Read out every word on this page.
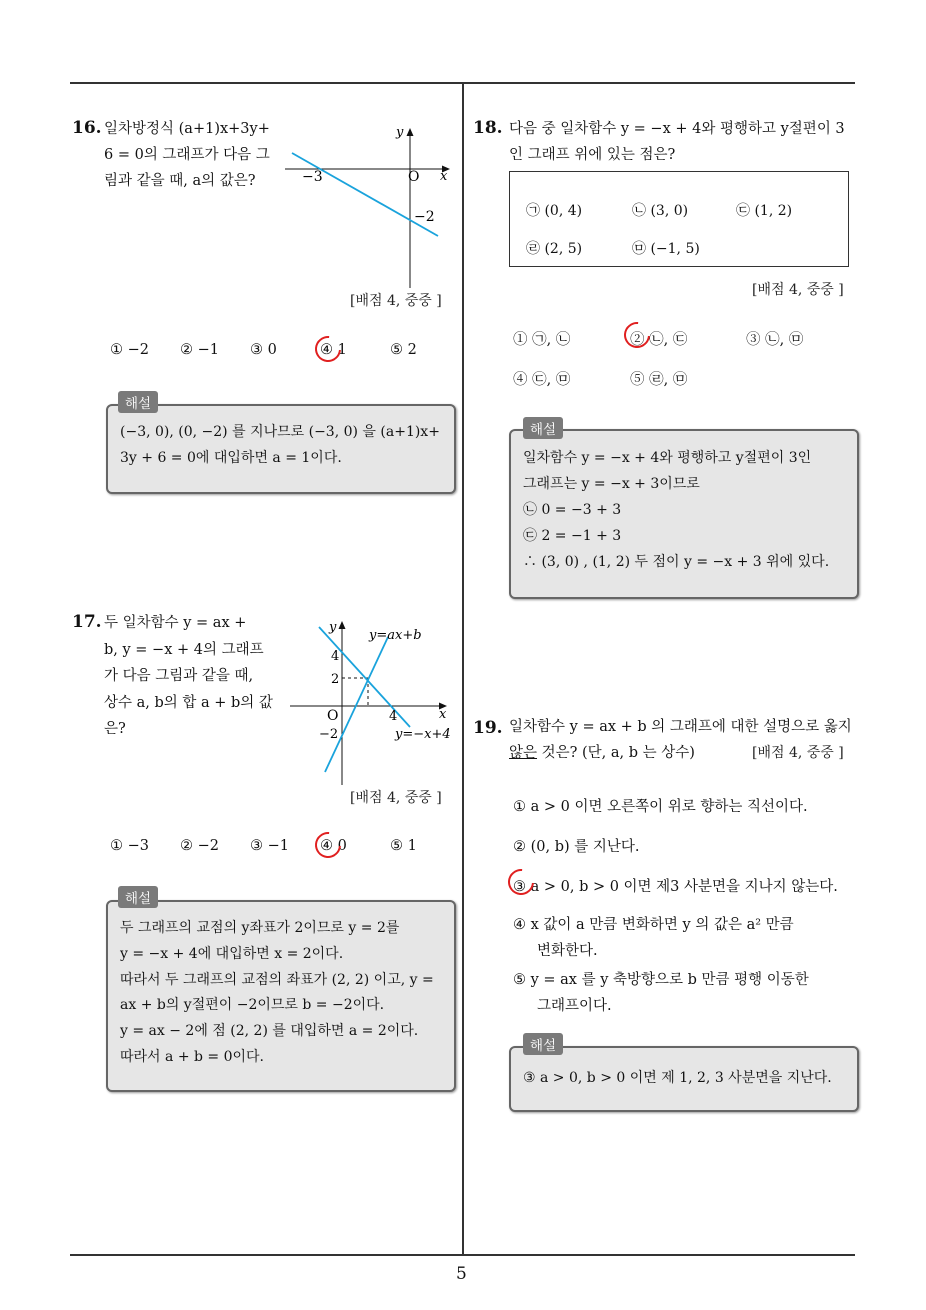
5
16. 일차방정식 (a+1)x+3y+
6 = 0의 그래프가 다음 그
림과 같을 때, a의 값은?
y
x
O
−3
−2
[배점 4, 중중 ]
① −2 ② −1 ③ 0	④ 1	⑤ 2
(−3, 0), (0, −2) 를 지나므로 (−3, 0) 을 (a+1)x+
3y + 6 = 0에 대입하면 a = 1이다.
해설
17. 두 일차함수 y = ax +
b, y = −x + 4의 그래프
가 다음 그림과 같을 때,
상수 a, b의 합 a + b의 값
은?
y
x
O
y=ax+b
y=−x+4
4
2
4
−2
[배점 4, 중중 ]
① −3 ② −2 ③ −1 ④ 0	⑤ 1
두 그래프의 교점의 y좌표가 2이므로 y = 2를
y = −x + 4에 대입하면 x = 2이다.
따라서 두 그래프의 교점의 좌표가 (2, 2) 이고, y =
ax + b의 y절편이 −2이므로 b = −2이다.
y = ax − 2에 점 (2, 2) 를 대입하면 a = 2이다.
따라서 a + b = 0이다.
해설
18. 다음 중 일차함수 y = −x + 4와 평행하고 y절편이 3
인 그래프 위에 있는 점은?
㉠ (0, 4)	㉡ (3, 0)	㉢ (1, 2)
㉣ (2, 5)	㉤ (−1, 5)
[배점 4, 중중 ]
① ㉠, ㉡	② ㉡, ㉢	③ ㉡, ㉤
④ ㉢, ㉤	⑤ ㉣, ㉤
일차함수 y = −x + 4와 평행하고 y절편이 3인
그래프는 y = −x + 3이므로
㉡ 0 = −3 + 3
㉢ 2 = −1 + 3
∴ (3, 0) , (1, 2) 두 점이 y = −x + 3 위에 있다.
해설
19. 일차함수 y = ax + b 의 그래프에 대한 설명으로 옳지
않은 것은? (단, a, b 는 상수)	[배점 4, 중중 ]
① a > 0 이면 오른쪽이 위로 향하는 직선이다.
② (0, b) 를 지난다.
③ a > 0, b > 0 이면 제3 사분면을 지나지 않는다.
④ x 값이 a 만큼 변화하면 y 의 값은 a² 만큼
변화한다.
⑤ y = ax 를 y 축방향으로 b 만큼 평행 이동한
그래프이다.
③ a > 0, b > 0 이면 제 1, 2, 3 사분면을 지난다.
해설
